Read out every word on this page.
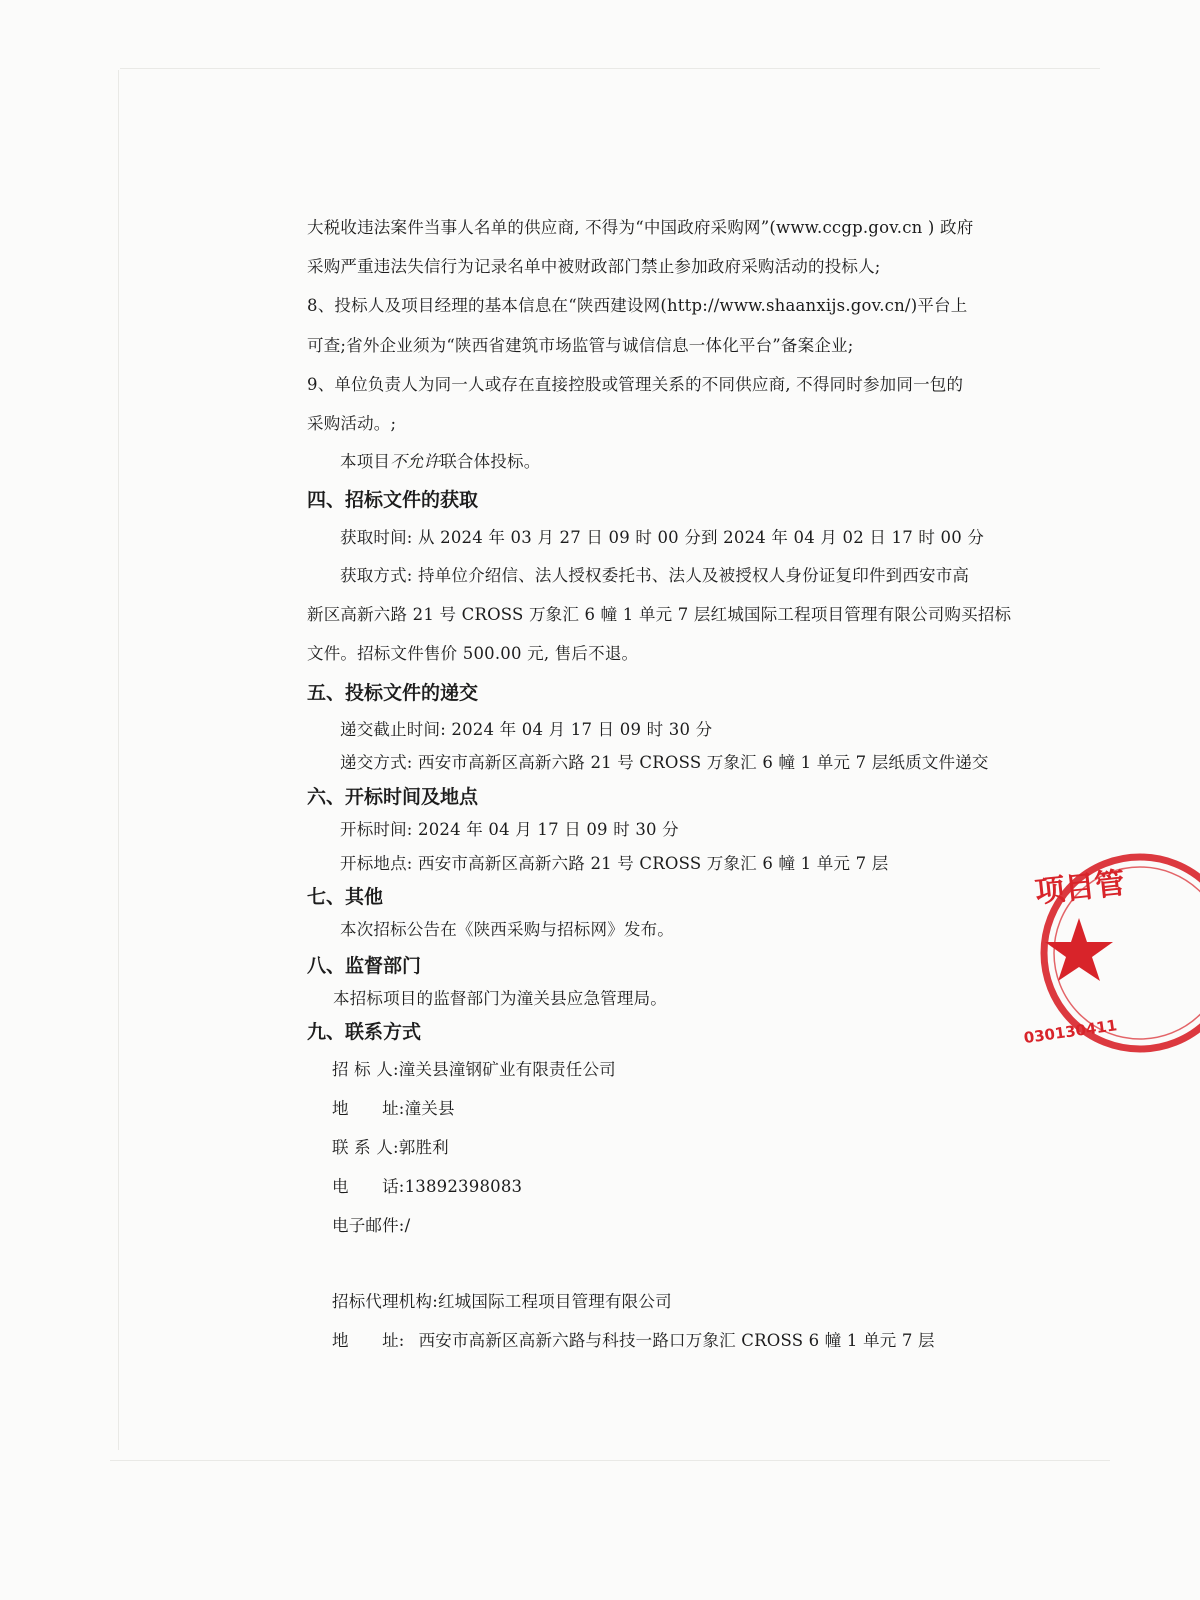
大税收违法案件当事人名单的供应商, 不得为“中国政府采购网”(www.ccgp.gov.cn ) 政府
采购严重违法失信行为记录名单中被财政部门禁止参加政府采购活动的投标人;
8、投标人及项目经理的基本信息在“陕西建设网(http://www.shaanxijs.gov.cn/)平台上
可查;省外企业须为“陕西省建筑市场监管与诚信信息一体化平台”备案企业;
9、单位负责人为同一人或存在直接控股或管理关系的不同供应商, 不得同时参加同一包的
采购活动。;
本项目不允许联合体投标。
四、招标文件的获取
获取时间: 从 2024 年 03 月 27 日 09 时 00 分到 2024 年 04 月 02 日 17 时 00 分
获取方式: 持单位介绍信、法人授权委托书、法人及被授权人身份证复印件到西安市高
新区高新六路 21 号 CROSS 万象汇 6 幢 1 单元 7 层红城国际工程项目管理有限公司购买招标
文件。招标文件售价 500.00 元, 售后不退。
五、投标文件的递交
递交截止时间: 2024 年 04 月 17 日 09 时 30 分
递交方式: 西安市高新区高新六路 21 号 CROSS 万象汇 6 幢 1 单元 7 层纸质文件递交
六、开标时间及地点
开标时间: 2024 年 04 月 17 日 09 时 30 分
开标地点: 西安市高新区高新六路 21 号 CROSS 万象汇 6 幢 1 单元 7 层
七、其他
本次招标公告在《陕西采购与招标网》发布。
八、监督部门
本招标项目的监督部门为潼关县应急管理局。
九、联系方式
招 标 人:潼关县潼钢矿业有限责任公司
地　　址:潼关县
联 系 人:郭胜利
电　　话:13892398083
电子邮件:/
招标代理机构:红城国际工程项目管理有限公司
地　　址: 西安市高新区高新六路与科技一路口万象汇 CROSS 6 幢 1 单元 7 层
项目管
030130411
